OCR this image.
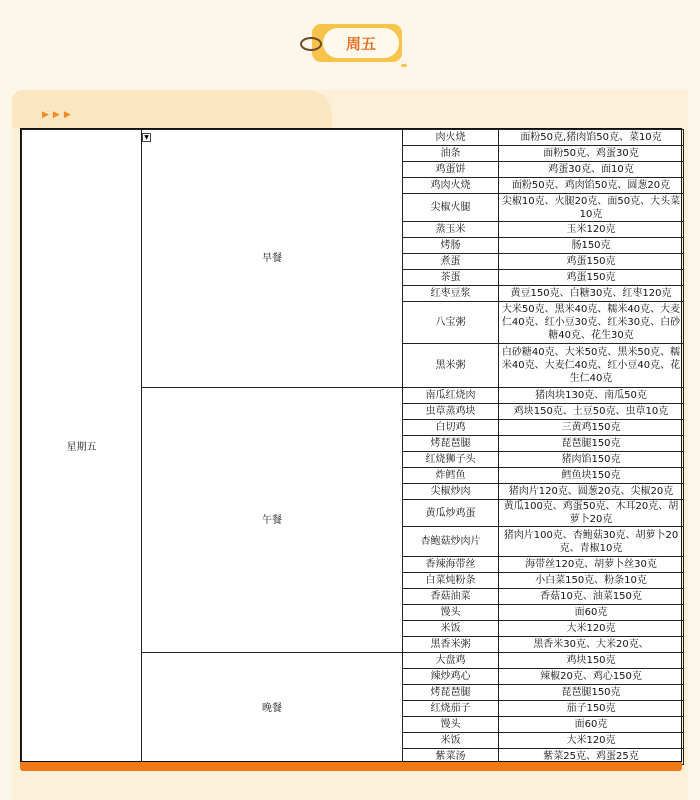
▶▶▶
周五
星期五	早餐	肉火烧	面粉50克,猪肉馅50克、菜10克
		油条	面粉50克、鸡蛋30克
		鸡蛋饼	鸡蛋30克、面10克
		鸡肉火烧	面粉50克、鸡肉馅50克、圆葱20克
		尖椒火腿	尖椒10克、火腿20克、面50克、大头菜10克
		蒸玉米	玉米120克
		烤肠	肠150克
		煮蛋	鸡蛋150克
		茶蛋	鸡蛋150克
		红枣豆浆	黄豆150克、白糖30克、红枣120克
		八宝粥	大米50克、黑米40克、糯米40克、大麦仁40克、红小豆30克、红米30克、白砂糖40克、花生30克
		黑米粥	白砂糖40克、大米50克、黑米50克、糯米40克、大麦仁40克、红小豆40克、花生仁40克
	午餐	南瓜红烧肉	猪肉块130克、南瓜50克
		虫草蒸鸡块	鸡块150克、土豆50克、虫草10克
		白切鸡	三黄鸡150克
		烤琵琶腿	琵琶腿150克
		红烧狮子头	猪肉馅150克
		炸鳕鱼	鳕鱼块150克
		尖椒炒肉	猪肉片120克、圆葱20克、尖椒20克
		黄瓜炒鸡蛋	黄瓜100克、鸡蛋50克、木耳20克、胡萝卜20克
		杏鲍菇炒肉片	猪肉片100克、杏鲍菇30克、胡萝卜20克、青椒10克
		香辣海带丝	海带丝120克、胡萝卜丝30克
		白菜炖粉条	小白菜150克、粉条10克
		香菇油菜	香菇10克、油菜150克
		馒头	面60克
		米饭	大米120克
		黑香米粥	黑香米30克、大米20克、
	晚餐	大盘鸡	鸡块150克
		辣炒鸡心	辣椒20克、鸡心150克
		烤琵琶腿	琵琶腿150克
		红烧茄子	茄子150克
		馒头	面60克
		米饭	大米120克
		紫菜汤	紫菜25克、鸡蛋25克
▼
